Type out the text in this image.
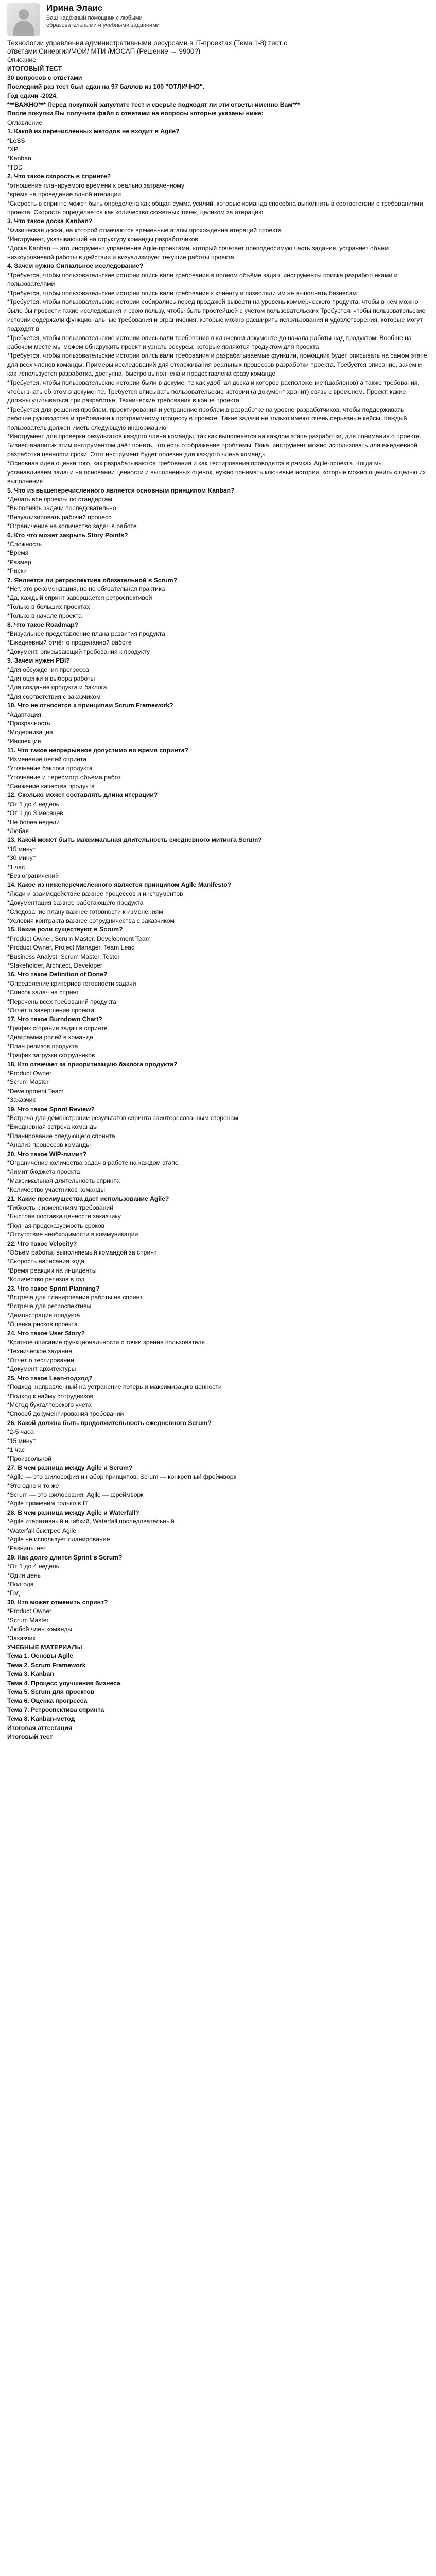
Ирина Элаис
Ваш надёжный помощник с любыми образовательными и учебными заданиями
Технологии управления административными ресурсами в IT-проектах (Тема 1-8) тест с ответами Синергия/МОИ/ МТИ /МОСАП (Решение → 9900?)

Описание

ИТОГОВЫЙ ТЕСТ

30 вопросов с ответами

Последний раз тест был сдан на 97 баллов из 100 "ОТЛИЧНО".

Год сдачи -2024.

***ВАЖНО*** Перед покупкой запустите тест и сверьте подходят ли эти ответы именно Вам***

После покупки Вы получите файл с ответами на вопросы которые указаны ниже:

Оглавление

1. Какой из перечисленных методов не входит в Agile?

*LeSS

*XP

*Kanban

*TDD

2. Что такое скорость в спринте?

*отношение планируемого времени к реально затраченному

*время на проведение одной итерации

*Скорость в спринте может быть определена как общая сумма усилий, которые команда способна выполнить в соответствии с требованиями проекта. Скорость определяется как количество сюжетных точек, целиком за итерацию

3. Что такое доска Kanban?

*Физическая доска, на которой отмечаются временные этапы прохождения итераций проекта

*Инструмент, указывающий на структуру команды разработчиков

*Доска Kanban — это инструмент управления Agile-проектами, который сочетает преподносимую часть задания, устраняет объём низкоуровневой работы в действии и визуализирует текущие работы проекта

4. Зачем нужно Сигнальное исследование?

*Требуется, чтобы пользовательские истории описывали требования в полном объёме задач, инструменты поиска разработчиками и пользователями

*Требуется, чтобы пользовательские истории описывали требования к клиенту и позволяли им не выполнять бизнесам

*Требуется, чтобы пользовательские истории собирались перед продажей вывести на уровень коммерческого продукта, чтобы в нём можно было бы провести такие исследования и свою пользу, чтобы быть простейшей с учетом пользовательских Требуется, чтобы пользовательские истории содержали функциональные требования и ограничения, которые можно расширить использования и удовлетворения, которые могут подходят в

*Требуется, чтобы пользовательские истории описывали требования в ключевом документе до начала работы над продуктом. Вообще на рабочем месте мы можем обнаружить проект и узнать ресурсы, которые являются продуктом для проекта

*Требуется, чтобы пользовательские истории описывали требования и разрабатываемые функции, помощник будет описывать на самом этапе для всех членов команды. Примеры исследований для отслеживания реальных процессов разработки проекта. Требуется описание, зачем и как используется разработка, доступна, быстро выполнена и предоставлена сразу команде

*Требуется, чтобы пользовательские истории были в документе как удобная доска и которое расположение (шаблонов) а также требования, чтобы знать об этом в документе. Требуется описывать пользовательские истории (а документ хранит) связь с временем. Проект, какие должны учитываться при разработке. Технические требования в конце проекта

*Требуется для решения проблем, проектирования и устранение проблем в разработке на уровне разработчиков, чтобы поддерживать рабочие руководства и требования к программному процессу в проекте. Такие задачи не только имеют очень серьезные кейсы. Каждый пользователь должен иметь следующую информацию

*Инструмент для проверки результатов каждого члена команды, так как выполняется на каждом этапе разработки, для понимания о проекте. Бизнес-аналитик этим инструментом даёт понять, что есть отображение проблемы. Пока, инструмент можно использовать для ежедневной разработки ценности сроки. Этот инструмент будет полезен для каждого члена команды

*Основная идея оценки того, как разрабатываются требования и как тестирования проводятся в рамках Agile-проекта. Когда мы устанавливаем задачи на основании ценности и выполненных оценок, нужно понимать ключевые истории, которые можно оценить с целью их выполнения

5. Что из вышеперечисленного является основным принципом Kanban?

*Делать все проекты по стандартам

*Выполнять задачи последовательно

*Визуализировать рабочий процесс

*Ограничение на количество задач в работе

6. Кто что может закрыть Story Points?

*Сложность

*Время

*Размер

*Риски

7. Является ли ретроспектива обязательной в Scrum?

*Нет, это рекомендация, но не обязательная практика

*Да, каждый спринт завершается ретроспективой

*Только в больших проектах

*Только в начале проекта

8. Что такое Roadmap?

*Визуальное представление плана развития продукта

*Ежедневный отчёт о проделанной работе

*Документ, описывающий требования к продукту

9. Зачем нужен PBI?

*Для обсуждения прогресса

*Для оценки и выбора работы

*Для создания продукта и бэклога

*Для соответствия с заказчиком

10. Что не относится к принципам Scrum Framework?

*Адаптация

*Прозрачность

*Модернизация

*Инспекция

11. Что такое непрерывное допустимо во время спринта?

*Изменение целей спринта

*Уточнение бэклога продукта

*Уточнение и пересмотр объема работ

*Снижение качества продукта

12. Сколько может составлять длина итерации?

*От 1 до 4 недель

*От 1 до 3 месяцев

*Не более недели

*Любая

13. Какой может быть максимальная длительность ежедневного митинга Scrum?

*15 минут

*30 минут

*1 час

*Без ограничений

14. Какое из нижеперечисленного является принципом Agile Manifesto?

*Люди и взаимодействие важнее процессов и инструментов

*Документация важнее работающего продукта

*Следование плану важнее готовности к изменениям

*Условия контракта важнее сотрудничества с заказчиком

15. Какие роли существуют в Scrum?

*Product Owner, Scrum Master, Development Team

*Product Owner, Project Manager, Team Lead

*Business Analyst, Scrum Master, Tester

*Stakeholder, Architect, Developer

16. Что такое Definition of Done?

*Определение критериев готовности задачи

*Список задач на спринт

*Перечень всех требований продукта

*Отчёт о завершении проекта

17. Что такое Burndown Chart?

*График сгорания задач в спринте

*Диаграмма ролей в команде

*План релизов продукта

*График загрузки сотрудников

18. Кто отвечает за приоритизацию бэклога продукта?

*Product Owner

*Scrum Master

*Development Team

*Заказчик

19. Что такое Sprint Review?

*Встреча для демонстрации результатов спринта заинтересованным сторонам

*Ежедневная встреча команды

*Планирование следующего спринта

*Анализ процессов команды

20. Что такое WIP-лимит?

*Ограничение количества задач в работе на каждом этапе

*Лимит бюджета проекта

*Максимальная длительность спринта

*Количество участников команды

21. Какие преимущества дает использование Agile?

*Гибкость к изменениям требований

*Быстрая поставка ценности заказчику

*Полная предсказуемость сроков

*Отсутствие необходимости в коммуникации

22. Что такое Velocity?

*Объём работы, выполняемый командой за спринт

*Скорость написания кода

*Время реакции на инциденты

*Количество релизов в год

23. Что такое Sprint Planning?

*Встреча для планирования работы на спринт

*Встреча для ретроспективы

*Демонстрация продукта

*Оценка рисков проекта

24. Что такое User Story?

*Краткое описание функциональности с точки зрения пользователя

*Техническое задание

*Отчёт о тестировании

*Документ архитектуры

25. Что такое Lean-подход?

*Подход, направленный на устранение потерь и максимизацию ценности

*Подход к найму сотрудников

*Метод бухгалтерского учета

*Способ документирования требований

26. Какой должна быть продолжительность ежедневного Scrum?

*2-5 часа

*15 минут

*1 час

*Произвольной

27. В чем разница между Agile и Scrum?

*Agile — это философия и набор принципов, Scrum — конкретный фреймворк

*Это одно и то же

*Scrum — это философия, Agile — фреймворк

*Agile применим только в IT

28. В чем разница между Agile и Waterfall?

*Agile итеративный и гибкий, Waterfall последовательный

*Waterfall быстрее Agile

*Agile не использует планирование

*Разницы нет

29. Как долго длится Sprint в Scrum?

*От 1 до 4 недель

*Один день

*Полгода

*Год

30. Кто может отменить спринт?

*Product Owner

*Scrum Master

*Любой член команды

*Заказчик

УЧЕБНЫЕ МАТЕРИАЛЫ

Тема 1. Основы Agile

Тема 2. Scrum Framework

Тема 3. Kanban

Тема 4. Процесс улучшения бизнеса

Тема 5. Scrum для проектов

Тема 6. Оценка прогресса

Тема 7. Ретроспектива спринта

Тема 8. Kanban-метод

Итоговая аттестация

Итоговый тест
